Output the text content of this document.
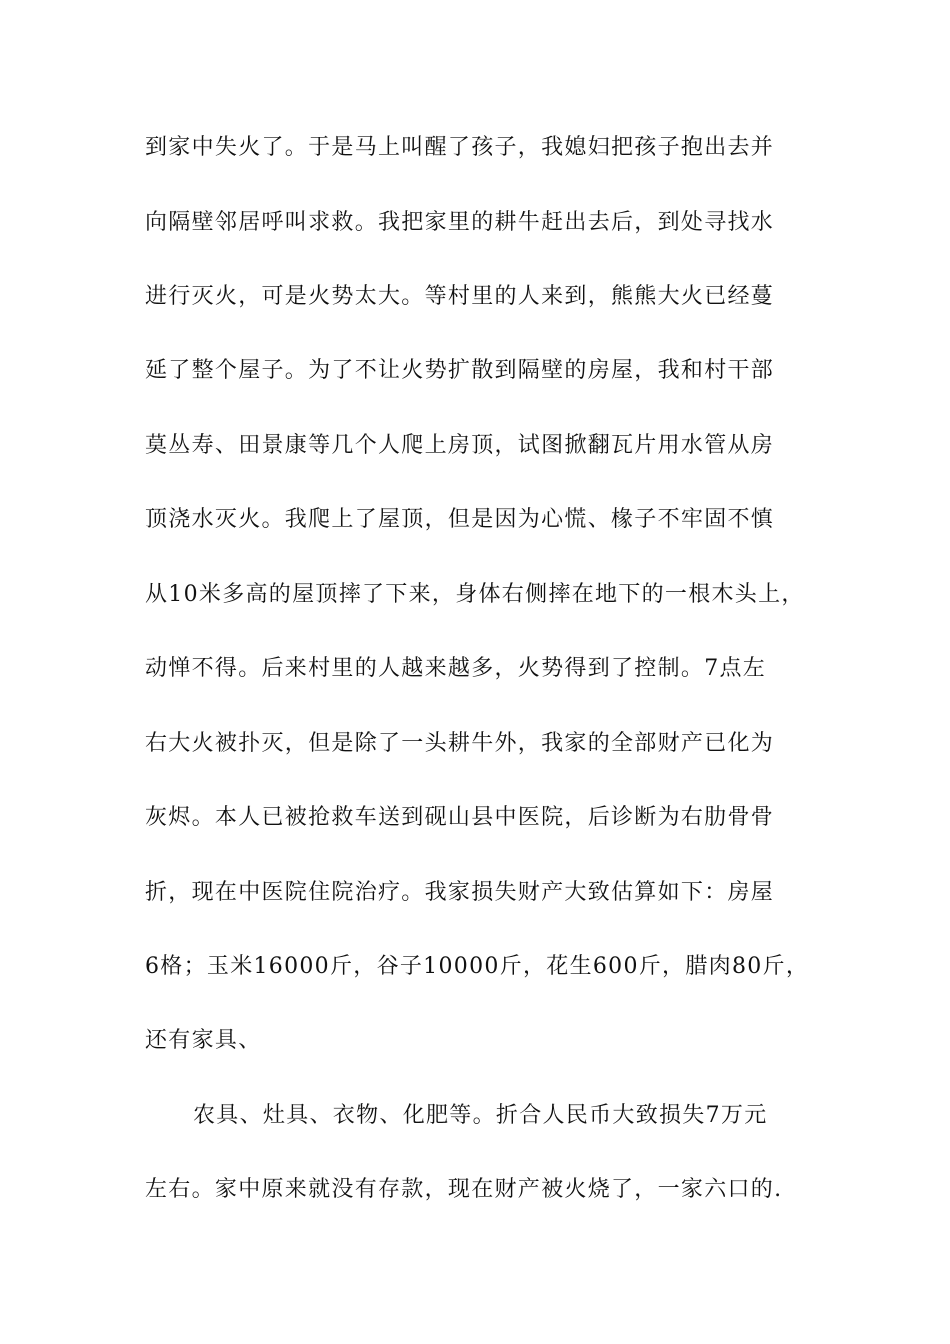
到家中失火了。于是马上叫醒了孩子，我媳妇把孩子抱出去并
向隔壁邻居呼叫求救。我把家里的耕牛赶出去后，到处寻找水
进行灭火，可是火势太大。等村里的人来到，熊熊大火已经蔓
延了整个屋子。为了不让火势扩散到隔壁的房屋，我和村干部
莫丛寿、田景康等几个人爬上房顶，试图掀翻瓦片用水管从房
顶浇水灭火。我爬上了屋顶，但是因为心慌、椽子不牢固不慎
从10米多高的屋顶摔了下来，身体右侧摔在地下的一根木头上，
动惮不得。后来村里的人越来越多，火势得到了控制。7点左
右大火被扑灭，但是除了一头耕牛外，我家的全部财产已化为
灰烬。本人已被抢救车送到砚山县中医院，后诊断为右肋骨骨
折，现在中医院住院治疗。我家损失财产大致估算如下：房屋
6格；玉米16000斤，谷子10000斤，花生600斤，腊肉80斤，
还有家具、
农具、灶具、衣物、化肥等。折合人民币大致损失7万元
左右。家中原来就没有存款，现在财产被火烧了，一家六口的.
